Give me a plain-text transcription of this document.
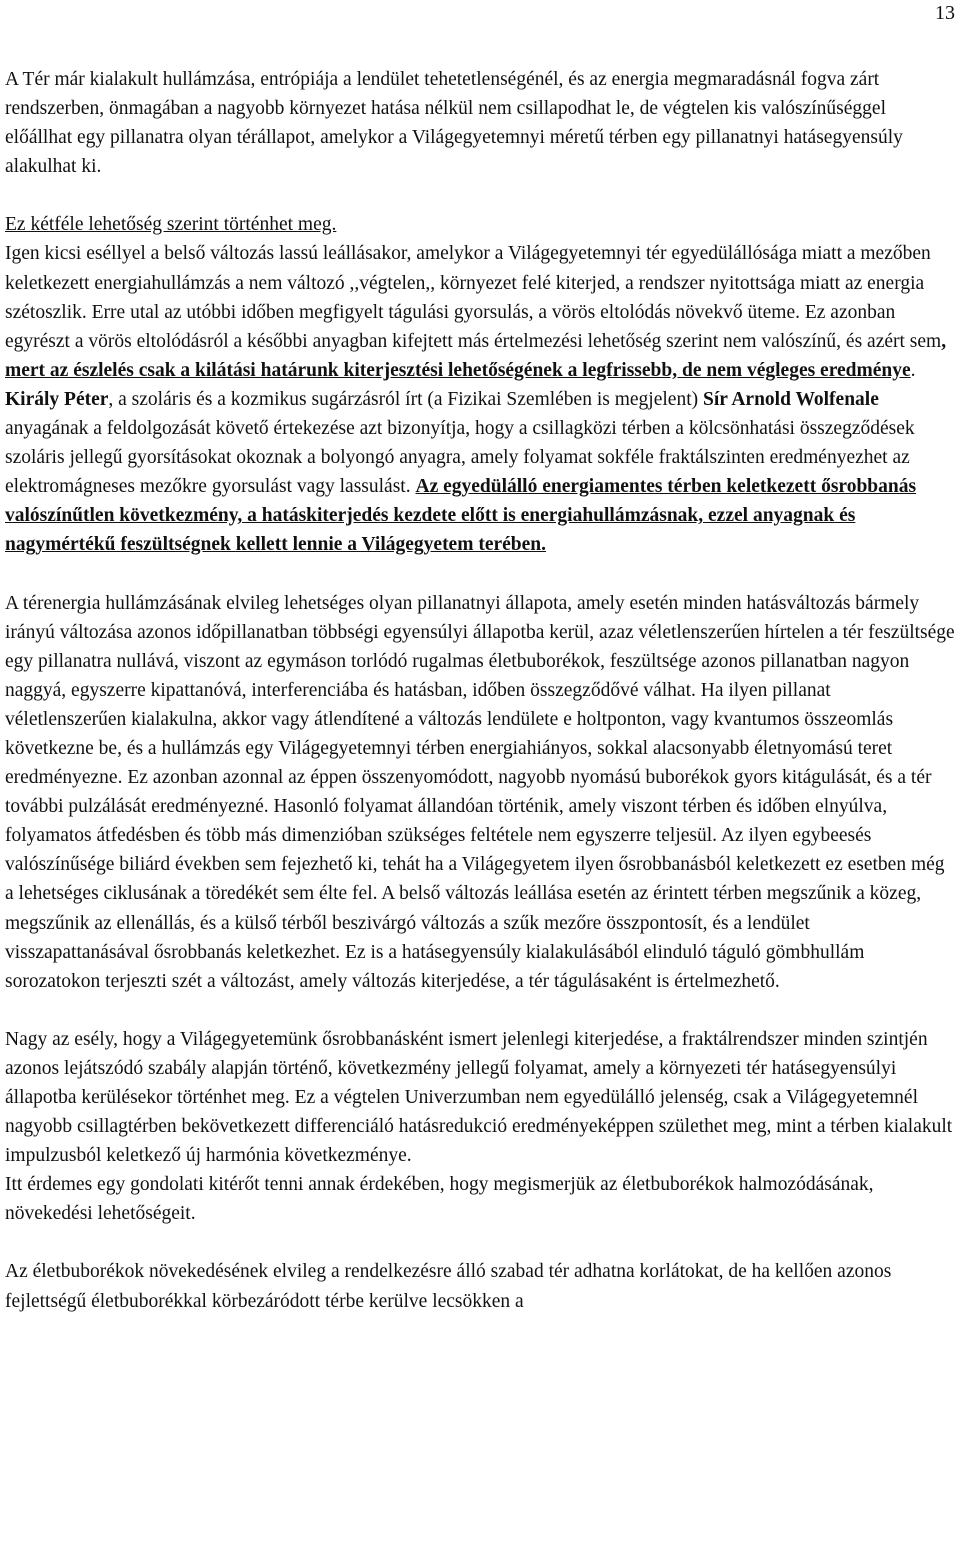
13

A Tér már kialakult hullámzása, entrópiája a lendület tehetetlenségénél, és az energia megmaradásnál fogva zárt rendszerben, önmagában a nagyobb környezet hatása nélkül nem csillapodhat le, de végtelen kis valószínűséggel előállhat egy pillanatra olyan térállapot, amelykor a Világegyetemnyi méretű térben egy pillanatnyi hatásegyensúly alakulhat ki.

Ez kétféle lehetőség szerint történhet meg.

Igen kicsi eséllyel a belső változás lassú leállásakor, amelykor a Világegyetemnyi tér egyedülállósága miatt a mezőben keletkezett energiahullámzás a nem változó ,,végtelen,, környezet felé kiterjed, a rendszer nyitottsága miatt az energia szétoszlik. Erre utal az utóbbi időben megfigyelt tágulási gyorsulás, a vörös eltolódás növekvő üteme. Ez azonban egyrészt a vörös eltolódásról a későbbi anyagban kifejtett más értelmezési lehetőség szerint nem valószínű, és azért sem, mert az észlelés csak a kilátási határunk kiterjesztési lehetőségének a legfrissebb, de nem végleges eredménye. Király Péter, a szoláris és a kozmikus sugárzásról írt (a Fizikai Szemlében is megjelent) Sír Arnold Wolfenale anyagának a feldolgozását követő értekezése azt bizonyítja, hogy a csillagközi térben a kölcsönhatási összegződések szoláris jellegű gyorsításokat okoznak a bolyongó anyagra, amely folyamat sokféle fraktálszinten eredményezhet az elektromágneses mezőkre gyorsulást vagy lassulást. Az egyedülálló energiamentes térben keletkezett ősrobbanás valószínűtlen következmény, a hatáskiterjedés kezdete előtt is energiahullámzásnak, ezzel anyagnak és nagymértékű feszültségnek kellett lennie a Világegyetem terében.

A térenergia hullámzásának elvileg lehetséges olyan pillanatnyi állapota, amely esetén minden hatásváltozás bármely irányú változása azonos időpillanatban többségi egyensúlyi állapotba kerül, azaz véletlenszerűen hírtelen a tér feszültsége egy pillanatra nullává, viszont az egymáson torlódó rugalmas életbuborékok, feszültsége azonos pillanatban nagyon naggyá, egyszerre kipattanóvá, interferenciába és hatásban, időben összegződővé válhat. Ha ilyen pillanat véletlenszerűen kialakulna, akkor vagy átlendítené a változás lendülete e holtponton, vagy kvantumos összeomlás következne be, és a hullámzás egy Világegyetemnyi térben energiahiányos, sokkal alacsonyabb életnyomású teret eredményezne. Ez azonban azonnal az éppen összenyomódott, nagyobb nyomású buborékok gyors kitágulását, és a tér további pulzálását eredményezné. Hasonló folyamat állandóan történik, amely viszont térben és időben elnyúlva, folyamatos átfedésben és több más dimenzióban szükséges feltétele nem egyszerre teljesül. Az ilyen egybeesés valószínűsége biliárd években sem fejezhető ki, tehát ha a Világegyetem ilyen ősrobbanásból keletkezett ez esetben még a lehetséges ciklusának a töredékét sem élte fel. A belső változás leállása esetén az érintett térben megszűnik a közeg, megszűnik az ellenállás, és a külső térből beszivárgó változás a szűk mezőre összpontosít, és a lendület visszapattanásával ősrobbanás keletkezhet. Ez is a hatásegyensúly kialakulásából elinduló táguló gömbhullám sorozatokon terjeszti szét a változást, amely változás kiterjedése, a tér tágulásaként is értelmezhető.

Nagy az esély, hogy a Világegyetemünk ősrobbanásként ismert jelenlegi kiterjedése, a fraktálrendszer minden szintjén azonos lejátszódó szabály alapján történő, következmény jellegű folyamat, amely a környezeti tér hatásegyensúlyi állapotba kerülésekor történhet meg. Ez a végtelen Univerzumban nem egyedülálló jelenség, csak a Világegyetemnél nagyobb csillagtérben bekövetkezett differenciáló hatásredukció eredményeképpen születhet meg, mint a térben kialakult impulzusból keletkező új harmónia következménye.

Itt érdemes egy gondolati kitérőt tenni annak érdekében, hogy megismerjük az életbuborékok halmozódásának, növekedési lehetőségeit.

Az életbuborékok növekedésének elvileg a rendelkezésre álló szabad tér adhatna korlátokat, de ha kellően azonos fejlettségű életbuborékkal körbezáródott térbe kerülve lecsökken a
